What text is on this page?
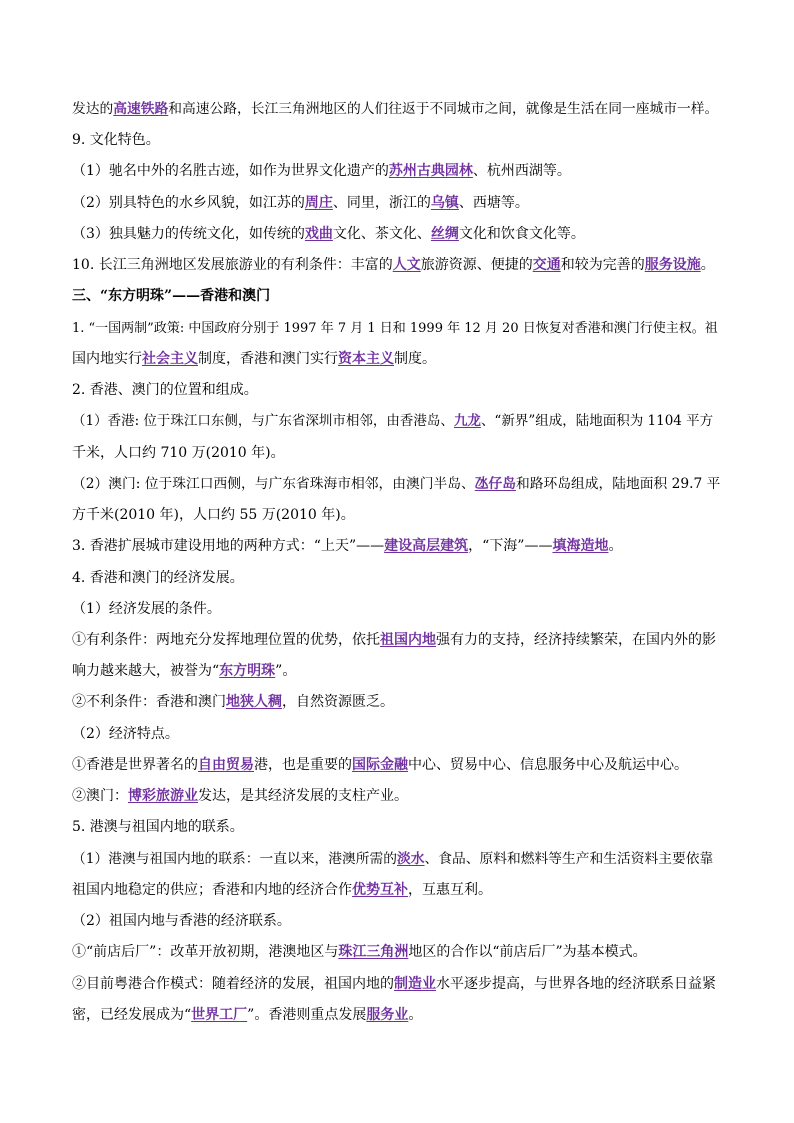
发达的高速铁路和高速公路，长江三角洲地区的人们往返于不同城市之间，就像是生活在同一座城市一样。
9. 文化特色。
（1）驰名中外的名胜古迹，如作为世界文化遗产的苏州古典园林、杭州西湖等。
（2）别具特色的水乡风貌，如江苏的周庄、同里，浙江的乌镇、西塘等。
（3）独具魅力的传统文化，如传统的戏曲文化、茶文化、丝绸文化和饮食文化等。
10. 长江三角洲地区发展旅游业的有利条件：丰富的人文旅游资源、便捷的交通和较为完善的服务设施。
三、“东方明珠”——香港和澳门
1. “一国两制”政策: 中国政府分别于 1997 年 7 月 1 日和 1999 年 12 月 20 日恢复对香港和澳门行使主权。祖
国内地实行社会主义制度，香港和澳门实行资本主义制度。
2. 香港、澳门的位置和组成。
（1）香港: 位于珠江口东侧，与广东省深圳市相邻，由香港岛、九龙、“新界”组成，陆地面积为 1104 平方
千米，人口约 710 万(2010 年)。
（2）澳门: 位于珠江口西侧，与广东省珠海市相邻，由澳门半岛、氹仔岛和路环岛组成，陆地面积 29.7 平
方千米(2010 年)，人口约 55 万(2010 年)。
3. 香港扩展城市建设用地的两种方式：“上天”——建设高层建筑，“下海”——填海造地。
4. 香港和澳门的经济发展。
（1）经济发展的条件。
①有利条件：两地充分发挥地理位置的优势，依托祖国内地强有力的支持，经济持续繁荣，在国内外的影
响力越来越大，被誉为“东方明珠”。
②不利条件：香港和澳门地狭人稠，自然资源匮乏。
（2）经济特点。
①香港是世界著名的自由贸易港，也是重要的国际金融中心、贸易中心、信息服务中心及航运中心。
②澳门：博彩旅游业发达，是其经济发展的支柱产业。
5. 港澳与祖国内地的联系。
（1）港澳与祖国内地的联系：一直以来，港澳所需的淡水、食品、原料和燃料等生产和生活资料主要依靠
祖国内地稳定的供应；香港和内地的经济合作优势互补，互惠互利。
（2）祖国内地与香港的经济联系。
①“前店后厂”：改革开放初期，港澳地区与珠江三角洲地区的合作以“前店后厂”为基本模式。
②目前粤港合作模式：随着经济的发展，祖国内地的制造业水平逐步提高，与世界各地的经济联系日益紧
密，已经发展成为“世界工厂”。香港则重点发展服务业。
